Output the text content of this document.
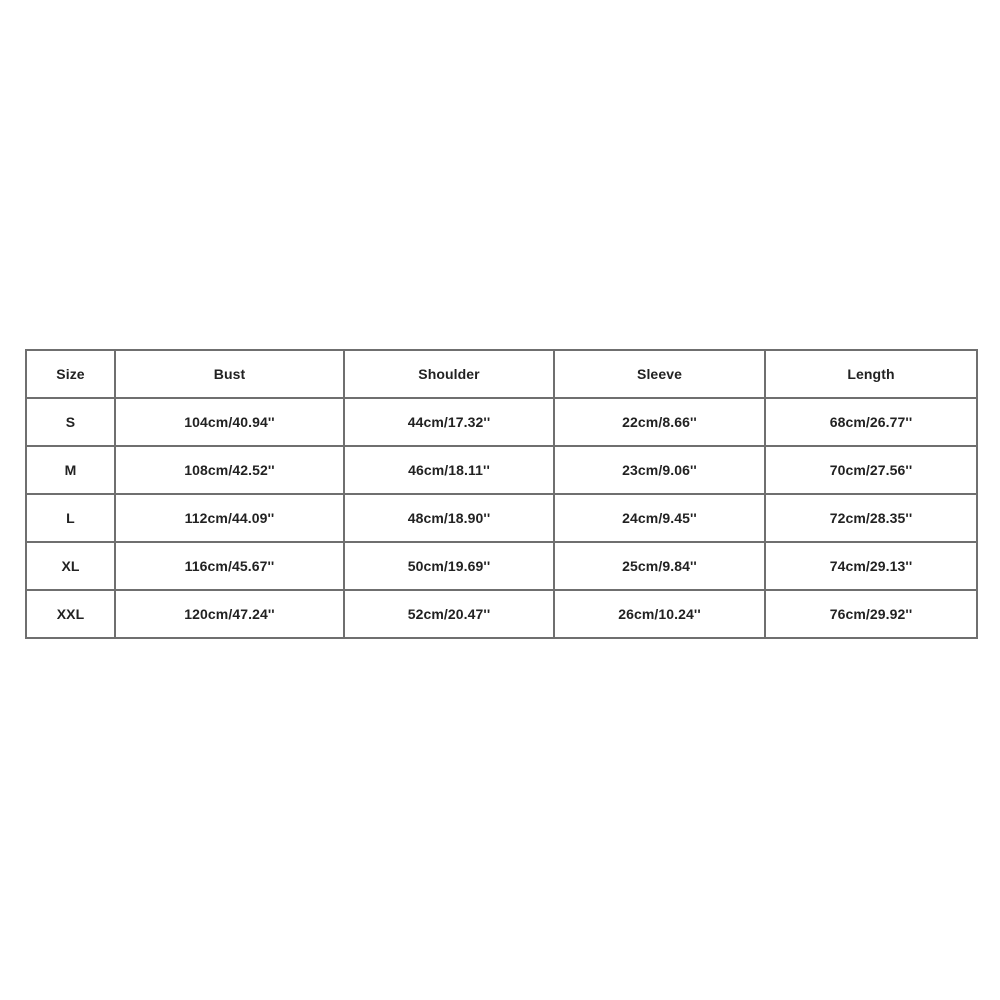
Size	Bust	Shoulder	Sleeve	Length
S	104cm/40.94''	44cm/17.32''	22cm/8.66''	68cm/26.77''
M	108cm/42.52''	46cm/18.11''	23cm/9.06''	70cm/27.56''
L	112cm/44.09''	48cm/18.90''	24cm/9.45''	72cm/28.35''
XL	116cm/45.67''	50cm/19.69''	25cm/9.84''	74cm/29.13''
XXL	120cm/47.24''	52cm/20.47''	26cm/10.24''	76cm/29.92''
